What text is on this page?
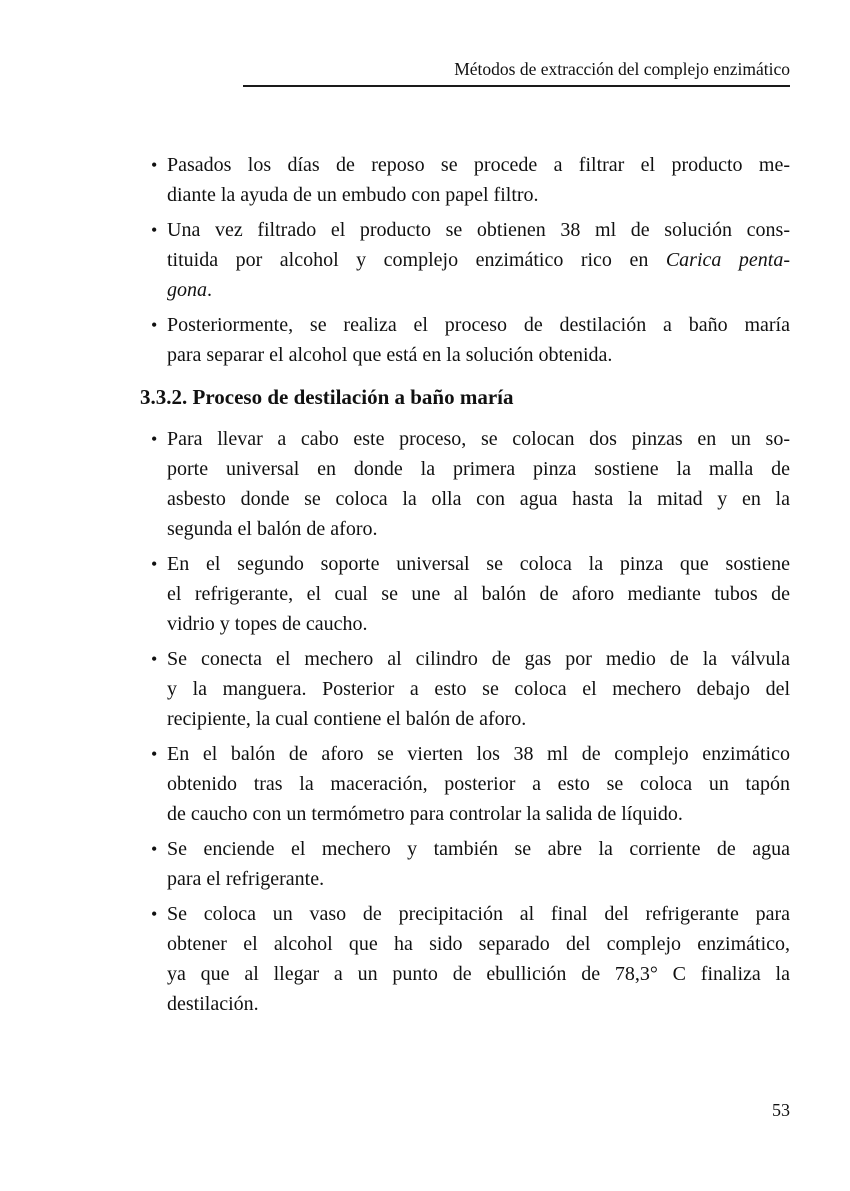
Métodos de extracción del complejo enzimático
• Pasados los días de reposo se procede a filtrar el producto me-
diante la ayuda de un embudo con papel filtro.
• Una vez filtrado el producto se obtienen 38 ml de solución cons-
tituida por alcohol y complejo enzimático rico en Carica penta-
gona.
• Posteriormente, se realiza el proceso de destilación a baño maría
para separar el alcohol que está en la solución obtenida.
3.3.2. Proceso de destilación a baño maría
• Para llevar a cabo este proceso, se colocan dos pinzas en un so-
porte universal en donde la primera pinza sostiene la malla de
asbesto donde se coloca la olla con agua hasta la mitad y en la
segunda el balón de aforo.
• En el segundo soporte universal se coloca la pinza que sostiene
el refrigerante, el cual se une al balón de aforo mediante tubos de
vidrio y topes de caucho.
• Se conecta el mechero al cilindro de gas por medio de la válvula
y la manguera. Posterior a esto se coloca el mechero debajo del
recipiente, la cual contiene el balón de aforo.
• En el balón de aforo se vierten los 38 ml de complejo enzimático
obtenido tras la maceración, posterior a esto se coloca un tapón
de caucho con un termómetro para controlar la salida de líquido.
• Se enciende el mechero y también se abre la corriente de agua
para el refrigerante.
• Se coloca un vaso de precipitación al final del refrigerante para
obtener el alcohol que ha sido separado del complejo enzimático,
ya que al llegar a un punto de ebullición de 78,3° C finaliza la
destilación.
53
